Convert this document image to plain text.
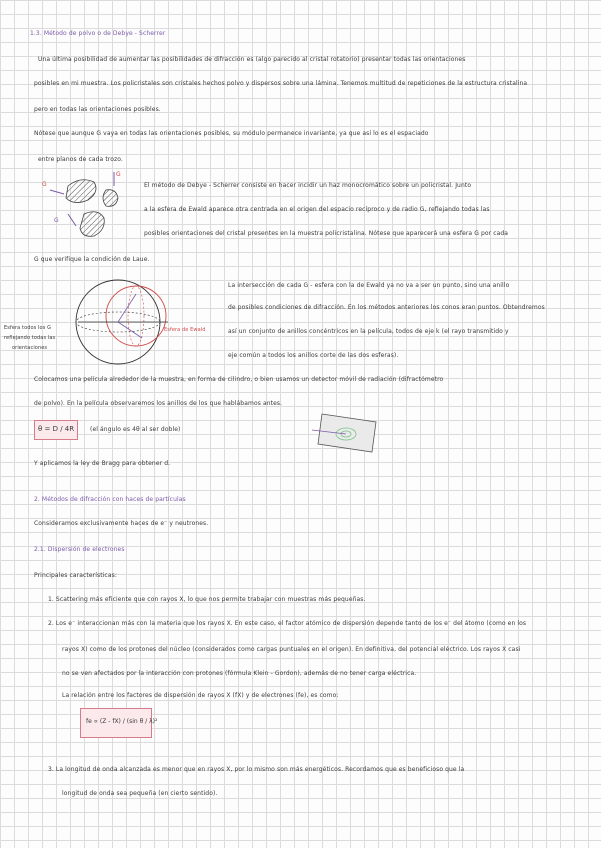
1.3. Método de polvo o de Debye - Scherrer
Una última posibilidad de aumentar las posibilidades de difracción es (algo parecido al cristal rotatorio) presentar todas las orientaciones
posibles en mi muestra. Los policristales son cristales hechos polvo y dispersos sobre una lámina. Tenemos multitud de repeticiones de la estructura cristalina
pero en todas las orientaciones posibles.
Nótese que aunque G vaya en todas las orientaciones posibles, su módulo permanece invariante, ya que así lo es el espaciado
entre planos de cada trozo.
G
G
G
El método de Debye - Scherrer consiste en hacer incidir un haz monocromático sobre un policristal. Junto
a la esfera de Ewald aparece otra centrada en el origen del espacio recíproco y de radio G, reflejando todas las
posibles orientaciones del cristal presentes en la muestra policristalina. Nótese que aparecerá una esfera G por cada
G que verifique la condición de Laue.
Esfera todos los G
reflejando todas las
orientaciones
Esfera de Ewald
La intersección de cada G - esfera con la de Ewald ya no va a ser un punto, sino una anillo
de posibles condiciones de difracción. En los métodos anteriores los conos eran puntos. Obtendremos
así un conjunto de anillos concéntricos en la película, todos de eje k (el rayo transmitido y
eje común a todos los anillos corte de las dos esferas).
Colocamos una película alrededor de la muestra, en forma de cilindro, o bien usamos un detector móvil de radiación (difractómetro
de polvo). En la película observaremos los anillos de los que hablábamos antes.
θ = D / 4R	(el ángulo es 4θ al ser doble)
Y aplicamos la ley de Bragg para obtener d.
2. Métodos de difracción con haces de partículas
Consideramos exclusivamente haces de e⁻ y neutrones.
2.1. Dispersión de electrones
Principales características:
1. Scattering más eficiente que con rayos X, lo que nos permite trabajar con muestras más pequeñas.
2. Los e⁻ interaccionan más con la materia que los rayos X. En este caso, el factor atómico de dispersión depende tanto de los e⁻ del átomo (como en los
rayos X) como de los protones del núcleo (considerados como cargas puntuales en el origen). En definitiva, del potencial eléctrico. Los rayos X casi
no se ven afectados por la interacción con protones (fórmula Klein - Gordon), además de no tener carga eléctrica.
La relación entre los factores de dispersión de rayos X (fX) y de electrones (fe), es como:
fe ∝ (Z - fX) / (sin θ / λ)²
3. La longitud de onda alcanzada es menor que en rayos X, por lo mismo son más energéticos. Recordamos que es beneficioso que la
longitud de onda sea pequeña (en cierto sentido).
